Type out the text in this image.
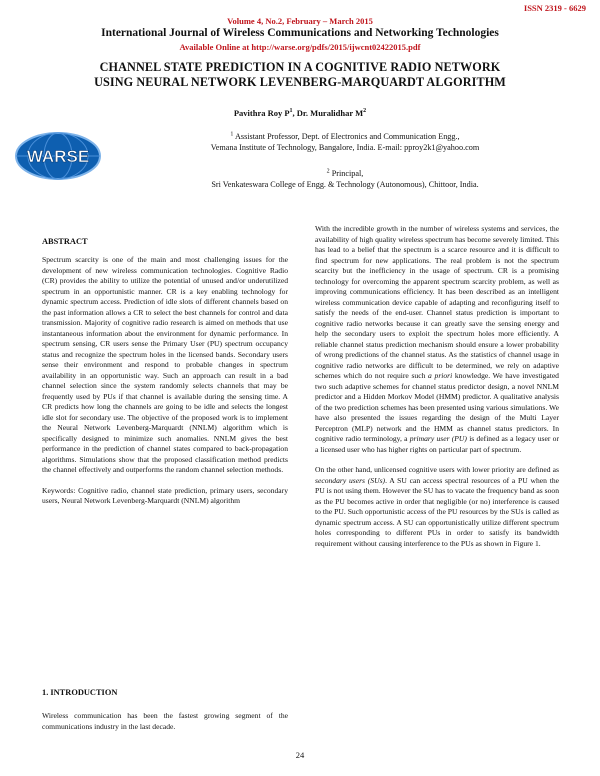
ISSN 2319 - 6629
Volume 4, No.2, February – March 2015
International Journal of Wireless Communications and Networking Technologies
Available Online at http://warse.org/pdfs/2015/ijwcnt02422015.pdf
CHANNEL STATE PREDICTION IN A COGNITIVE RADIO NETWORK
USING NEURAL NETWORK LEVENBERG-MARQUARDT ALGORITHM
Pavithra Roy $P^1$, Dr. Muralidhar $M^2$
WARSE
$^1$ Assistant Professor, Dept. of Electronics and Communication Engg.,
Vemana Institute of Technology, Bangalore, India. E-mail: pproy2k1@yahoo.com
$^2$ Principal,
Sri Venkateswara College of Engg. & Technology (Autonomous), Chittoor, India.
ABSTRACT

Spectrum scarcity is one of the main and most challenging issues for the development of new wireless communication technologies. Cognitive Radio (CR) provides the ability to utilize the potential of unused and/or underutilized spectrum in an opportunistic manner. CR is a key enabling technology for dynamic spectrum access. Prediction of idle slots of different channels based on the past information allows a CR to select the best channels for control and data transmission. Majority of cognitive radio research is aimed on methods that use instantaneous information about the environment for dynamic performance. In spectrum sensing, CR users sense the Primary User (PU) spectrum occupancy status and recognize the spectrum holes in the licensed bands. Secondary users sense their environment and respond to probable changes in spectrum availability in an opportunistic way. Such an approach can result in a bad channel selection since the system randomly selects channels that may be frequently used by PUs if that channel is available during the sensing time. A CR predicts how long the channels are going to be idle and selects the longest idle slot for secondary use. The objective of the proposed work is to implement the Neural Network Levenberg-Marquardt (NNLM) algorithm which is specifically designed to minimize such anomalies. NNLM gives the best performance in the prediction of channel states compared to back-propagation algorithms. Simulations show that the proposed classification method predicts the channel effectively and outperforms the random channel selection methods.

Keywords: Cognitive radio, channel state prediction, primary users, secondary users, Neural Network Levenberg-Marquardt (NNLM) algorithm

1. INTRODUCTION
Wireless communication has been the fastest growing segment of the communications industry in the last decade.

With the incredible growth in the number of wireless systems and services, the availability of high quality wireless spectrum has become severely limited. This has lead to a belief that the spectrum is a scarce resource and it is difficult to find spectrum for new applications. The real problem is not the spectrum scarcity but the inefficiency in the usage of spectrum. CR is a promising technology for overcoming the apparent spectrum scarcity problem, as well as improving communications efficiency. It has been described as an intelligent wireless communication device capable of adapting and reconfiguring itself to satisfy the needs of the end-user. Channel status prediction is important to cognitive radio networks because it can greatly save the sensing energy and help the secondary users to exploit the spectrum holes more efficiently. A reliable channel status prediction mechanism should ensure a lower probability of wrong predictions of the channel status. As the statistics of channel usage in cognitive radio networks are difficult to be determined, we rely on adaptive schemes which do not require such a priori knowledge. We have investigated two such adaptive schemes for channel status predictor design, a novel NNLM predictor and a Hidden Morkov Model (HMM) predictor. A qualitative analysis of the two prediction schemes has been presented using various simulations. We have also presented the issues regarding the design of the Multi Layer Perceptron (MLP) network and the HMM as channel status predictors. In cognitive radio terminology, a primary user (PU) is defined as a legacy user or a licensed user who has higher rights on particular part of spectrum.

On the other hand, unlicensed cognitive users with lower priority are defined as secondary users (SUs). A SU can access spectral resources of a PU when the PU is not using them. However the SU has to vacate the frequency band as soon as the PU becomes active in order that negligible (or no) interference is caused to the PU. Such opportunistic access of the PU resources by the SUs is called as dynamic spectrum access. A SU can opportunistically utilize different spectrum holes corresponding to different PUs in order to satisfy its bandwidth requirement without causing interference to the PUs as shown in Figure 1.

24
